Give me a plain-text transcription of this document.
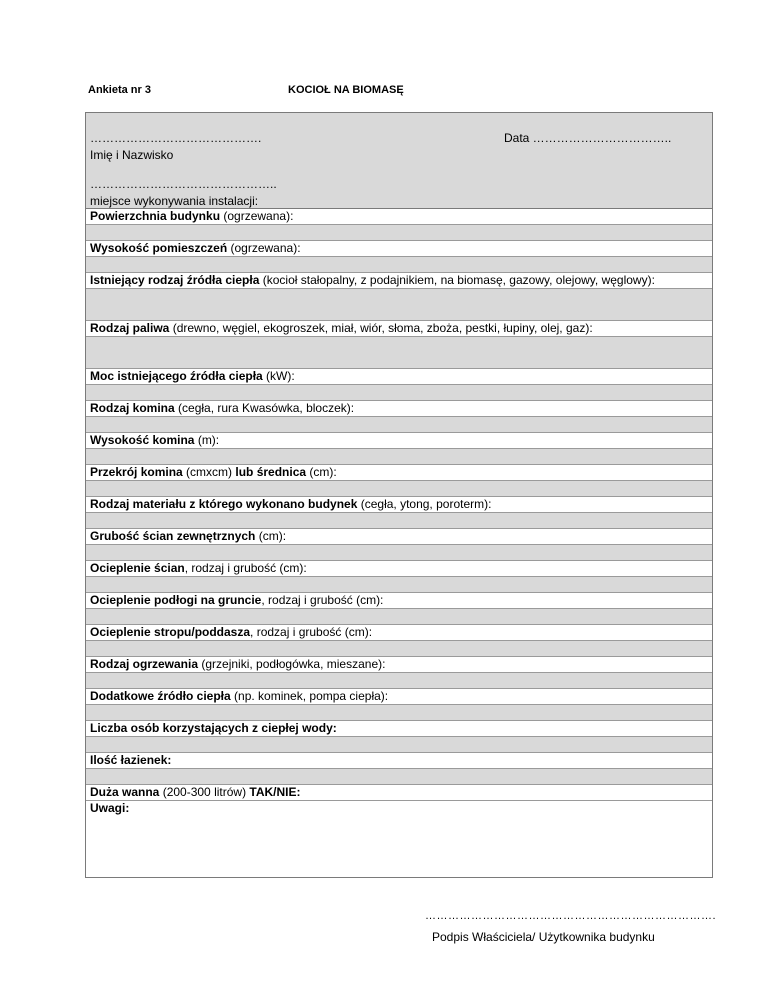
Ankieta nr 3	KOCIOŁ NA BIOMASĘ
…………………………………….
Imię i Nazwisko
Data ……………………………..
………………………………………..
miejsce wykonywania instalacji:
Powierzchnia budynku (ogrzewana):
Wysokość pomieszczeń (ogrzewana):
Istniejący rodzaj źródła ciepła (kocioł stałopalny, z podajnikiem, na biomasę, gazowy, olejowy, węglowy):
Rodzaj paliwa (drewno, węgiel, ekogroszek, miał, wiór, słoma, zboża, pestki, łupiny, olej, gaz):
Moc istniejącego źródła ciepła (kW):
Rodzaj komina (cegła, rura Kwasówka, bloczek):
Wysokość komina (m):
Przekrój komina (cmxcm) lub średnica (cm):
Rodzaj materiału z którego wykonano budynek (cegła, ytong, poroterm):
Grubość ścian zewnętrznych (cm):
Ocieplenie ścian, rodzaj i grubość (cm):
Ocieplenie podłogi na gruncie, rodzaj i grubość (cm):
Ocieplenie stropu/poddasza, rodzaj i grubość (cm):
Rodzaj ogrzewania (grzejniki, podłogówka, mieszane):
Dodatkowe źródło ciepła (np. kominek, pompa ciepła):
Liczba osób korzystających z ciepłej wody:
Ilość łazienek:
Duża wanna (200-300 litrów) TAK/NIE:
Uwagi:
………………………………………………………………….
Podpis Właściciela/ Użytkownika budynku
